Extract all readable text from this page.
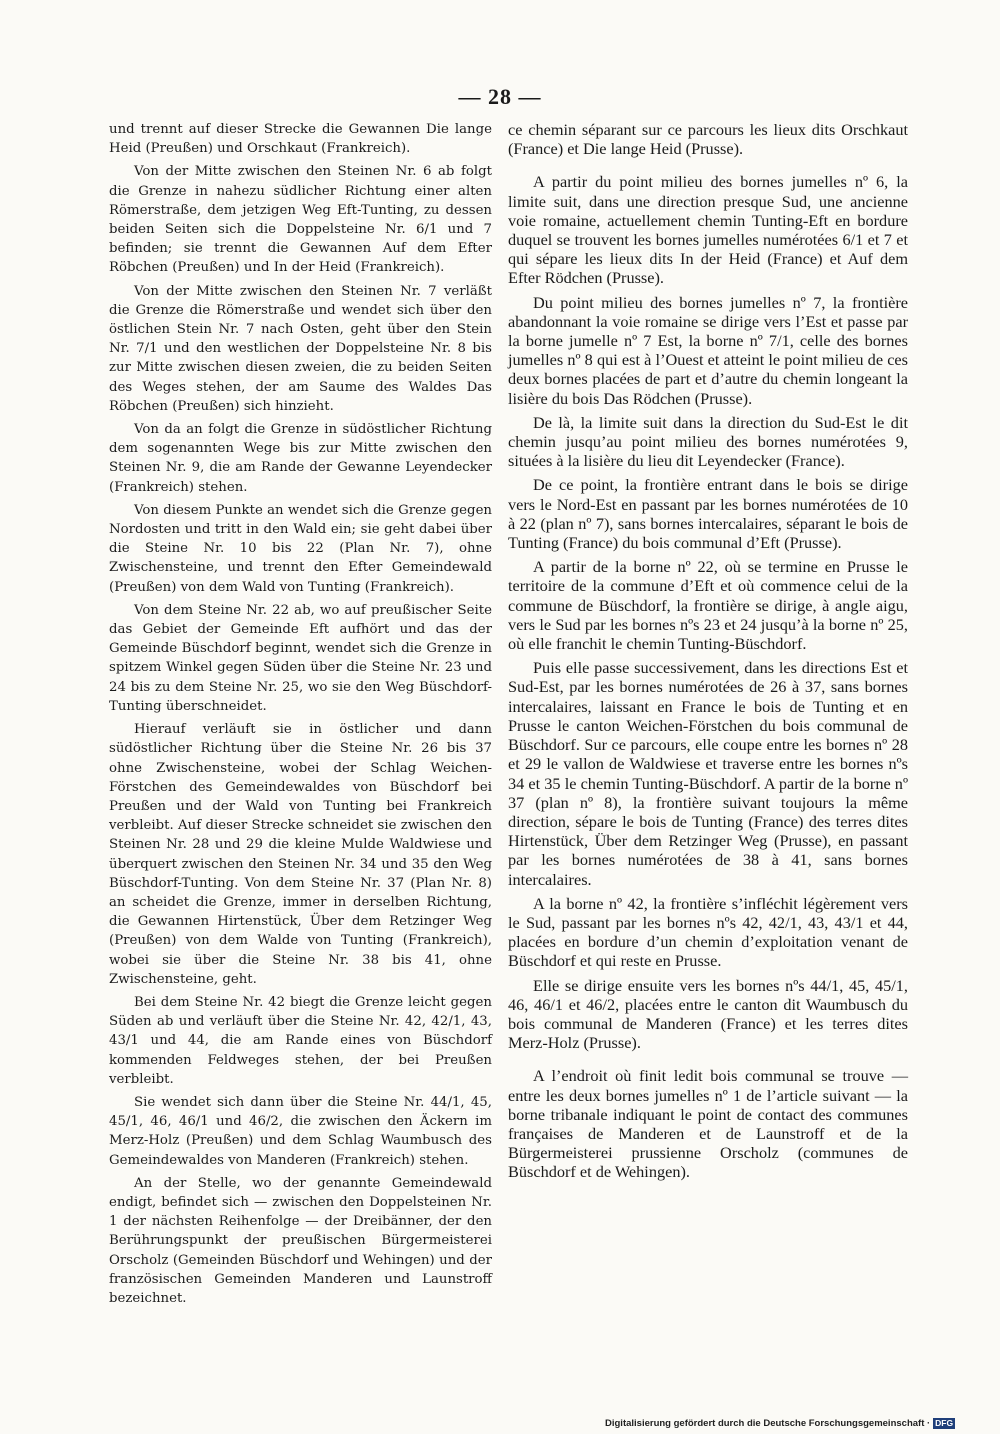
— 28 —

und trennt auf dieser Strecke die Gewannen Die lange Heid (Preußen) und Orschkaut (Frankreich).

Von der Mitte zwischen den Steinen Nr. 6 ab folgt die Grenze in nahezu südlicher Richtung einer alten Römerstraße, dem jetzigen Weg Eft-Tunting, zu dessen beiden Seiten sich die Doppelsteine Nr. 6/1 und 7 befinden; sie trennt die Gewannen Auf dem Efter Röbchen (Preußen) und In der Heid (Frankreich).

Von der Mitte zwischen den Steinen Nr. 7 verläßt die Grenze die Römerstraße und wendet sich über den östlichen Stein Nr. 7 nach Osten, geht über den Stein Nr. 7/1 und den westlichen der Doppelsteine Nr. 8 bis zur Mitte zwischen diesen zweien, die zu beiden Seiten des Weges stehen, der am Saume des Waldes Das Röbchen (Preußen) sich hinzieht.

Von da an folgt die Grenze in südöstlicher Richtung dem sogenannten Wege bis zur Mitte zwischen den Steinen Nr. 9, die am Rande der Gewanne Leyendecker (Frankreich) stehen.

Von diesem Punkte an wendet sich die Grenze gegen Nordosten und tritt in den Wald ein; sie geht dabei über die Steine Nr. 10 bis 22 (Plan Nr. 7), ohne Zwischensteine, und trennt den Efter Gemeindewald (Preußen) von dem Wald von Tunting (Frankreich).

Von dem Steine Nr. 22 ab, wo auf preußischer Seite das Gebiet der Gemeinde Eft aufhört und das der Gemeinde Büschdorf beginnt, wendet sich die Grenze in spitzem Winkel gegen Süden über die Steine Nr. 23 und 24 bis zu dem Steine Nr. 25, wo sie den Weg Büschdorf-Tunting überschneidet.

Hierauf verläuft sie in östlicher und dann südöstlicher Richtung über die Steine Nr. 26 bis 37 ohne Zwischensteine, wobei der Schlag Weichen-Förstchen des Gemeindewaldes von Büschdorf bei Preußen und der Wald von Tunting bei Frankreich verbleibt. Auf dieser Strecke schneidet sie zwischen den Steinen Nr. 28 und 29 die kleine Mulde Waldwiese und überquert zwischen den Steinen Nr. 34 und 35 den Weg Büschdorf-Tunting. Von dem Steine Nr. 37 (Plan Nr. 8) an scheidet die Grenze, immer in derselben Richtung, die Gewannen Hirtenstück, Über dem Retzinger Weg (Preußen) von dem Walde von Tunting (Frankreich), wobei sie über die Steine Nr. 38 bis 41, ohne Zwischensteine, geht.

Bei dem Steine Nr. 42 biegt die Grenze leicht gegen Süden ab und verläuft über die Steine Nr. 42, 42/1, 43, 43/1 und 44, die am Rande eines von Büschdorf kommenden Feldweges stehen, der bei Preußen verbleibt.

Sie wendet sich dann über die Steine Nr. 44/1, 45, 45/1, 46, 46/1 und 46/2, die zwischen den Äckern im Merz-Holz (Preußen) und dem Schlag Waumbusch des Gemeindewaldes von Manderen (Frankreich) stehen.

An der Stelle, wo der genannte Gemeindewald endigt, befindet sich — zwischen den Doppelsteinen Nr. 1 der nächsten Reihenfolge — der Dreibänner, der den Berührungspunkt der preußischen Bürgermeisterei Orscholz (Gemeinden Büschdorf und Wehingen) und der französischen Gemeinden Manderen und Launstroff bezeichnet.

ce chemin séparant sur ce parcours les lieux dits Orschkaut (France) et Die lange Heid (Prusse).

A partir du point milieu des bornes jumelles nº 6, la limite suit, dans une direction presque Sud, une ancienne voie romaine, actuellement chemin Tunting-Eft en bordure duquel se trouvent les bornes jumelles numérotées 6/1 et 7 et qui sépare les lieux dits In der Heid (France) et Auf dem Efter Rödchen (Prusse).

Du point milieu des bornes jumelles nº 7, la frontière abandonnant la voie romaine se dirige vers l’Est et passe par la borne jumelle nº 7 Est, la borne nº 7/1, celle des bornes jumelles nº 8 qui est à l’Ouest et atteint le point milieu de ces deux bornes placées de part et d’autre du chemin longeant la lisière du bois Das Rödchen (Prusse).

De là, la limite suit dans la direction du Sud-Est le dit chemin jusqu’au point milieu des bornes numérotées 9, situées à la lisière du lieu dit Leyendecker (France).

De ce point, la frontière entrant dans le bois se dirige vers le Nord-Est en passant par les bornes numérotées de 10 à 22 (plan nº 7), sans bornes intercalaires, séparant le bois de Tunting (France) du bois communal d’Eft (Prusse).

A partir de la borne nº 22, où se termine en Prusse le territoire de la commune d’Eft et où commence celui de la commune de Büschdorf, la frontière se dirige, à angle aigu, vers le Sud par les bornes nºs 23 et 24 jusqu’à la borne nº 25, où elle franchit le chemin Tunting-Büschdorf.

Puis elle passe successivement, dans les directions Est et Sud-Est, par les bornes numérotées de 26 à 37, sans bornes intercalaires, laissant en France le bois de Tunting et en Prusse le canton Weichen-Förstchen du bois communal de Büschdorf. Sur ce parcours, elle coupe entre les bornes nº 28 et 29 le vallon de Waldwiese et traverse entre les bornes nºs 34 et 35 le chemin Tunting-Büschdorf. A partir de la borne nº 37 (plan nº 8), la frontière suivant toujours la même direction, sépare le bois de Tunting (France) des terres dites Hirtenstück, Über dem Retzinger Weg (Prusse), en passant par les bornes numérotées de 38 à 41, sans bornes intercalaires.

A la borne nº 42, la frontière s’infléchit légèrement vers le Sud, passant par les bornes nºs 42, 42/1, 43, 43/1 et 44, placées en bordure d’un chemin d’exploitation venant de Büschdorf et qui reste en Prusse.

Elle se dirige ensuite vers les bornes nºs 44/1, 45, 45/1, 46, 46/1 et 46/2, placées entre le canton dit Waumbusch du bois communal de Manderen (France) et les terres dites Merz-Holz (Prusse).

A l’endroit où finit ledit bois communal se trouve — entre les deux bornes jumelles nº 1 de l’article suivant — la borne tribanale indiquant le point de contact des communes françaises de Manderen et de Launstroff et de la Bürgermeisterei prussienne Orscholz (communes de Büschdorf et de Wehingen).

Digitalisierung gefördert durch die Deutsche Forschungsgemeinschaft · DFG
